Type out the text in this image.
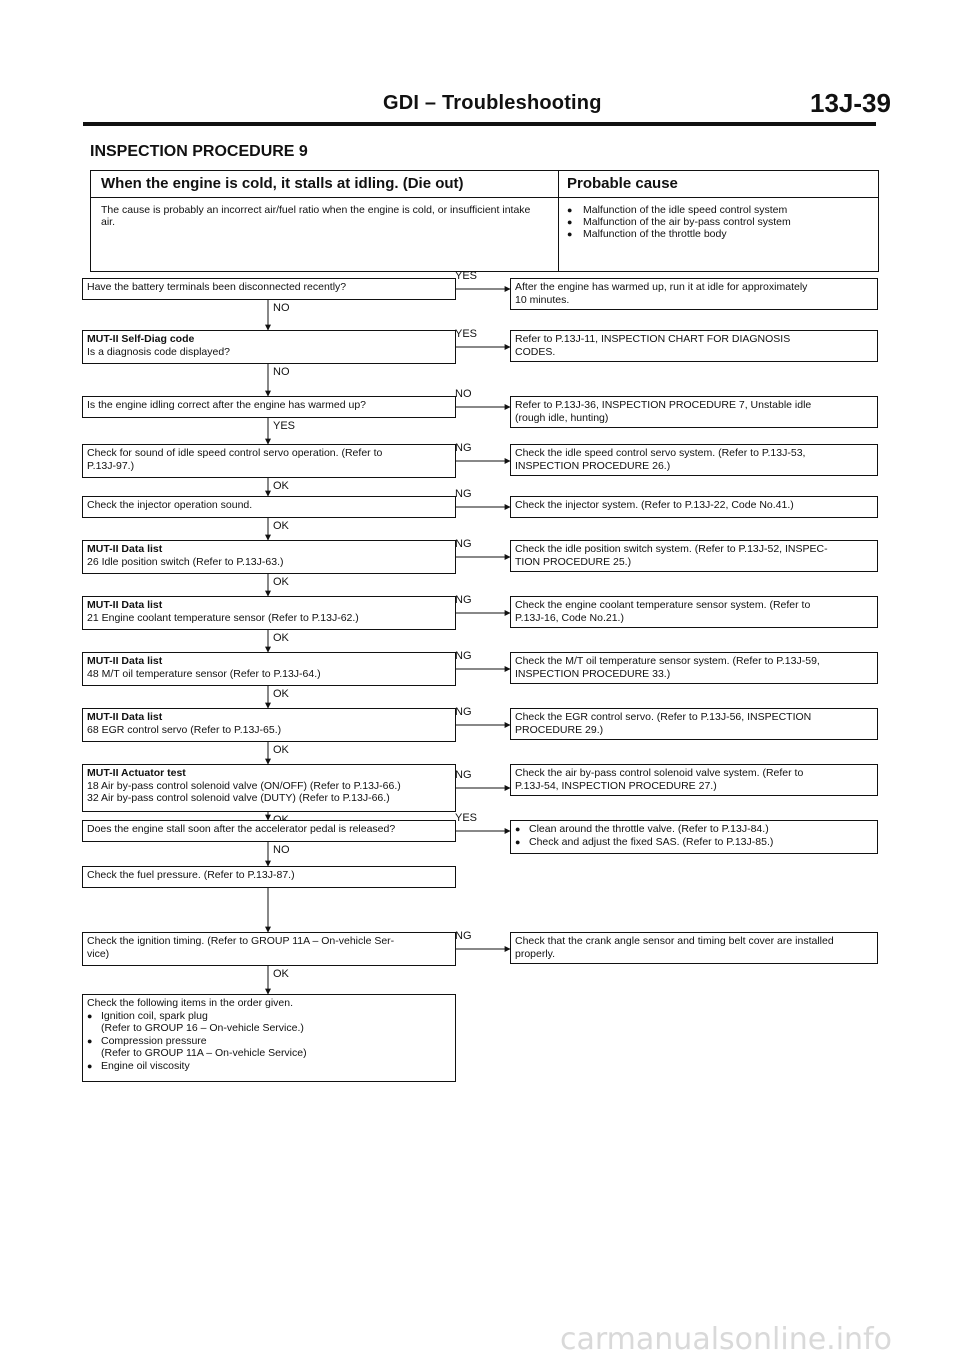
GDI – Troubleshooting	13J-39
INSPECTION PROCEDURE 9
When the engine is cold, it stalls at idling. (Die out)	Probable cause
The cause is probably an incorrect air/fuel ratio when the engine is cold, or insufficient intake air.
● Malfunction of the idle speed control system
● Malfunction of the air by-pass control system
● Malfunction of the throttle body
Have the battery terminals been disconnected recently?	After the engine has warmed up, run it at idle for approximately
10 minutes.
YES
NO
MUT-II Self-Diag code
Is a diagnosis code displayed?
Refer to P.13J-11, INSPECTION CHART FOR DIAGNOSIS
CODES.
YES
NO
Is the engine idling correct after the engine has warmed up?	Refer to P.13J-36, INSPECTION PROCEDURE 7, Unstable idle
(rough idle, hunting)
NO
YES
Check for sound of idle speed control servo operation. (Refer to
P.13J-97.)
Check the idle speed control servo system. (Refer to P.13J-53,
INSPECTION PROCEDURE 26.)
NG
OK
Check the injector operation sound.	Check the injector system. (Refer to P.13J-22, Code No.41.)
NG
OK
MUT-II Data list
26 Idle position switch (Refer to P.13J-63.)
Check the idle position switch system. (Refer to P.13J-52, INSPEC-
TION PROCEDURE 25.)
NG
OK
MUT-II Data list
21 Engine coolant temperature sensor (Refer to P.13J-62.)
Check the engine coolant temperature sensor system. (Refer to
P.13J-16, Code No.21.)
NG
OK
MUT-II Data list
48 M/T oil temperature sensor (Refer to P.13J-64.)
Check the M/T oil temperature sensor system. (Refer to P.13J-59,
INSPECTION PROCEDURE 33.)
NG
OK
MUT-II Data list
68 EGR control servo (Refer to P.13J-65.)
Check the EGR control servo. (Refer to P.13J-56, INSPECTION
PROCEDURE 29.)
NG
OK
MUT-II Actuator test
18 Air by-pass control solenoid valve (ON/OFF) (Refer to P.13J-66.)
32 Air by-pass control solenoid valve (DUTY) (Refer to P.13J-66.)
Check the air by-pass control solenoid valve system. (Refer to
P.13J-54, INSPECTION PROCEDURE 27.)
NG
Does the engine stall soon after the accelerator pedal is released?
●	Clean around the throttle valve. (Refer to P.13J-84.)
● Check and adjust the fixed SAS. (Refer to P.13J-85.)
YES
NO
Check the fuel pressure. (Refer to P.13J-87.)
Check the ignition timing. (Refer to GROUP 11A – On-vehicle Ser-
vice)
Check that the crank angle sensor and timing belt cover are installed
properly.
NG
OK
Check the following items in the order given.
● Ignition coil, spark plug
(Refer to GROUP 16 – On-vehicle Service.)
● Compression pressure
(Refer to GROUP 11A – On-vehicle Service)
● Engine oil viscosity
carmanualsonline.info
